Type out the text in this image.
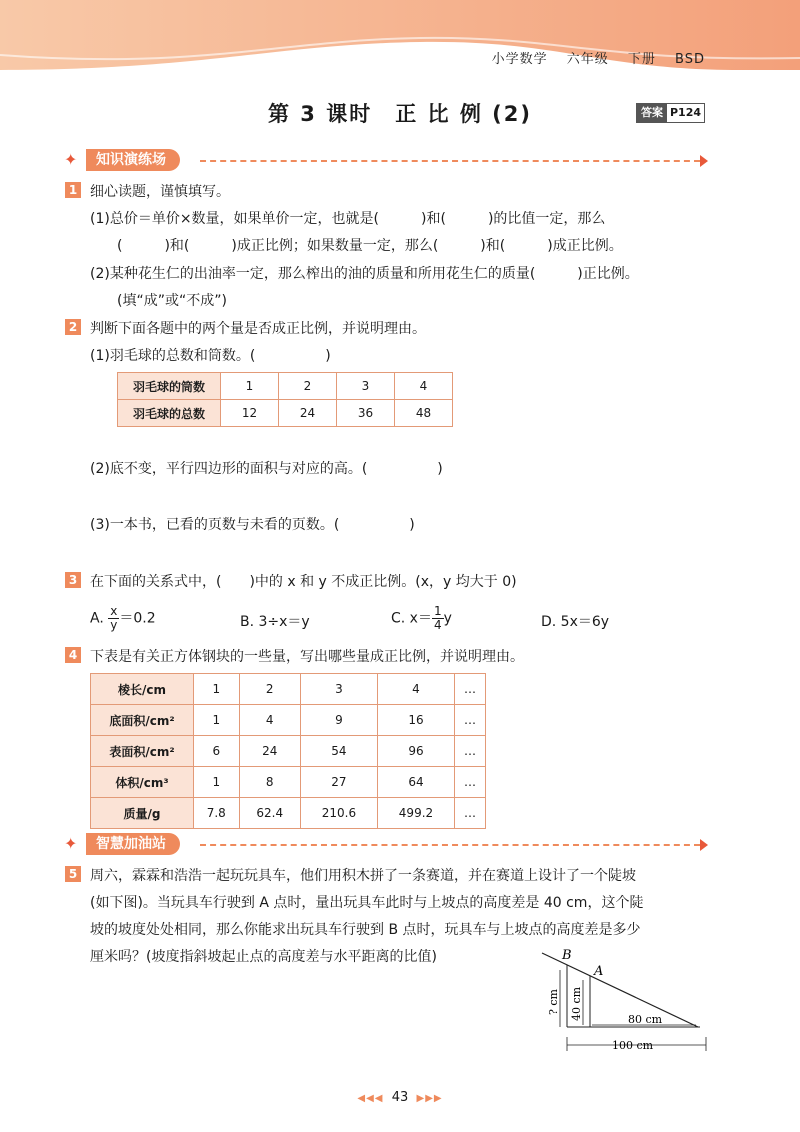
小学数学　 六年级　 下册　 BSD
第 3 课时　正 比 例 (2)	答案 P124
✦	知识演练场
1 细心读题，谨慎填写。
(1)总价＝单价×数量，如果单价一定，也就是(　　　)和(　　　)的比值一定，那么
(　　　)和(　　　)成正比例；如果数量一定，那么(　　　)和(　　　)成正比例。
(2)某种花生仁的出油率一定，那么榨出的油的质量和所用花生仁的质量(　　　)正比例。
(填“成”或“不成”)
2 判断下面各题中的两个量是否成正比例，并说明理由。
(1)羽毛球的总数和筒数。(　　　　　)
羽毛球的筒数	1	2	3	4
羽毛球的总数	12	24	36	48
(2)底不变，平行四边形的面积与对应的高。(　　　　　)
(3)一本书，已看的页数与未看的页数。(　　　　　)
3 在下面的关系式中，(　　)中的 x 和 y 不成正比例。(x，y 均大于 0)
A. $\frac{x}{y} =0.2$	B. 3÷x＝y	C. $x= \frac{1}{4}$ y	D. 5x＝6y
4 下表是有关正方体钢块的一些量，写出哪些量成正比例，并说明理由。
棱长/cm	1	2	3	4	…
底面积/cm²	1	4	9	16	…
表面积/cm²	6	24	54	96	…
体积/cm³	1	8	27	64	…
质量/g	7.8	62.4	210.6	499.2	…
✦	智慧加油站
5 周六，霖霖和浩浩一起玩玩具车，他们用积木拼了一条赛道，并在赛道上设计了一个陡坡
(如下图)。当玩具车行驶到 A 点时，量出玩具车此时与上坡点的高度差是 40 cm，这个陡
坡的坡度处处相同，那么你能求出玩具车行驶到 B 点时，玩具车与上坡点的高度差是多少
厘米吗？(坡度指斜坡起止点的高度差与水平距离的比值)	B
A
? cm 40 cm	80 cm
100 cm
◀◀◀ 43 ▶▶▶
